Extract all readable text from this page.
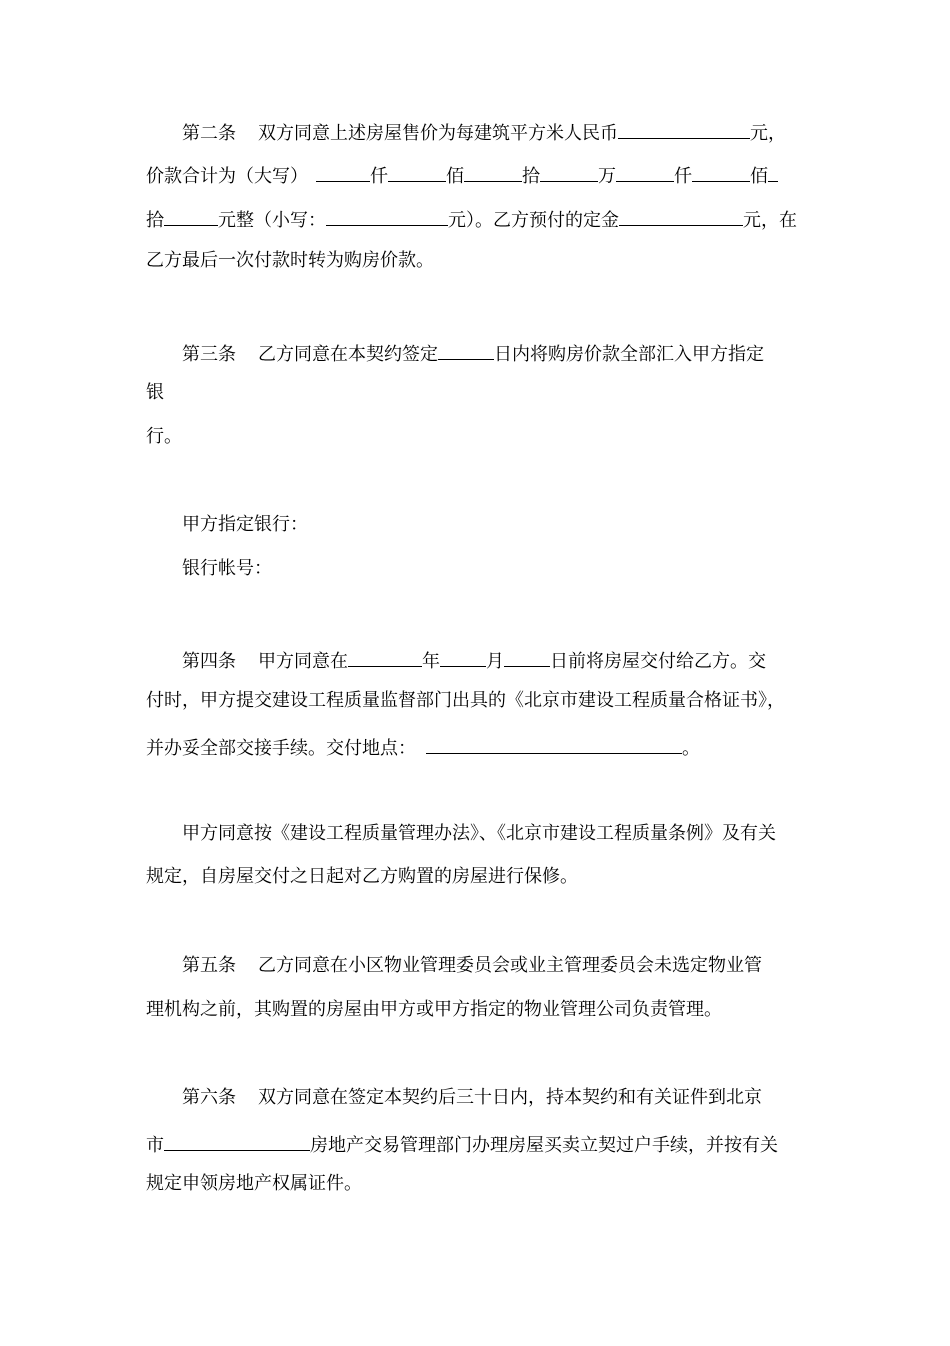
第二条 双方同意上述房屋售价为每建筑平方米人民币	元，
价款合计为（大写）	仟	佰	拾	万	仟	佰
拾	元整（小写：	元）。乙方预付的定金	元，在
乙方最后一次付款时转为购房价款。
第三条 乙方同意在本契约签定	日内将购房价款全部汇入甲方指定
银
行。
甲方指定银行：
银行帐号：
第四条 甲方同意在	年	月	日前将房屋交付给乙方。交
付时，甲方提交建设工程质量监督部门出具的《北京市建设工程质量合格证书》，
并办妥全部交接手续。交付地点：	。
甲方同意按《建设工程质量管理办法》、《北京市建设工程质量条例》及有关
规定，自房屋交付之日起对乙方购置的房屋进行保修。
第五条 乙方同意在小区物业管理委员会或业主管理委员会未选定物业管
理机构之前，其购置的房屋由甲方或甲方指定的物业管理公司负责管理。
第六条 双方同意在签定本契约后三十日内，持本契约和有关证件到北京
市	房地产交易管理部门办理房屋买卖立契过户手续，并按有关
规定申领房地产权属证件。
